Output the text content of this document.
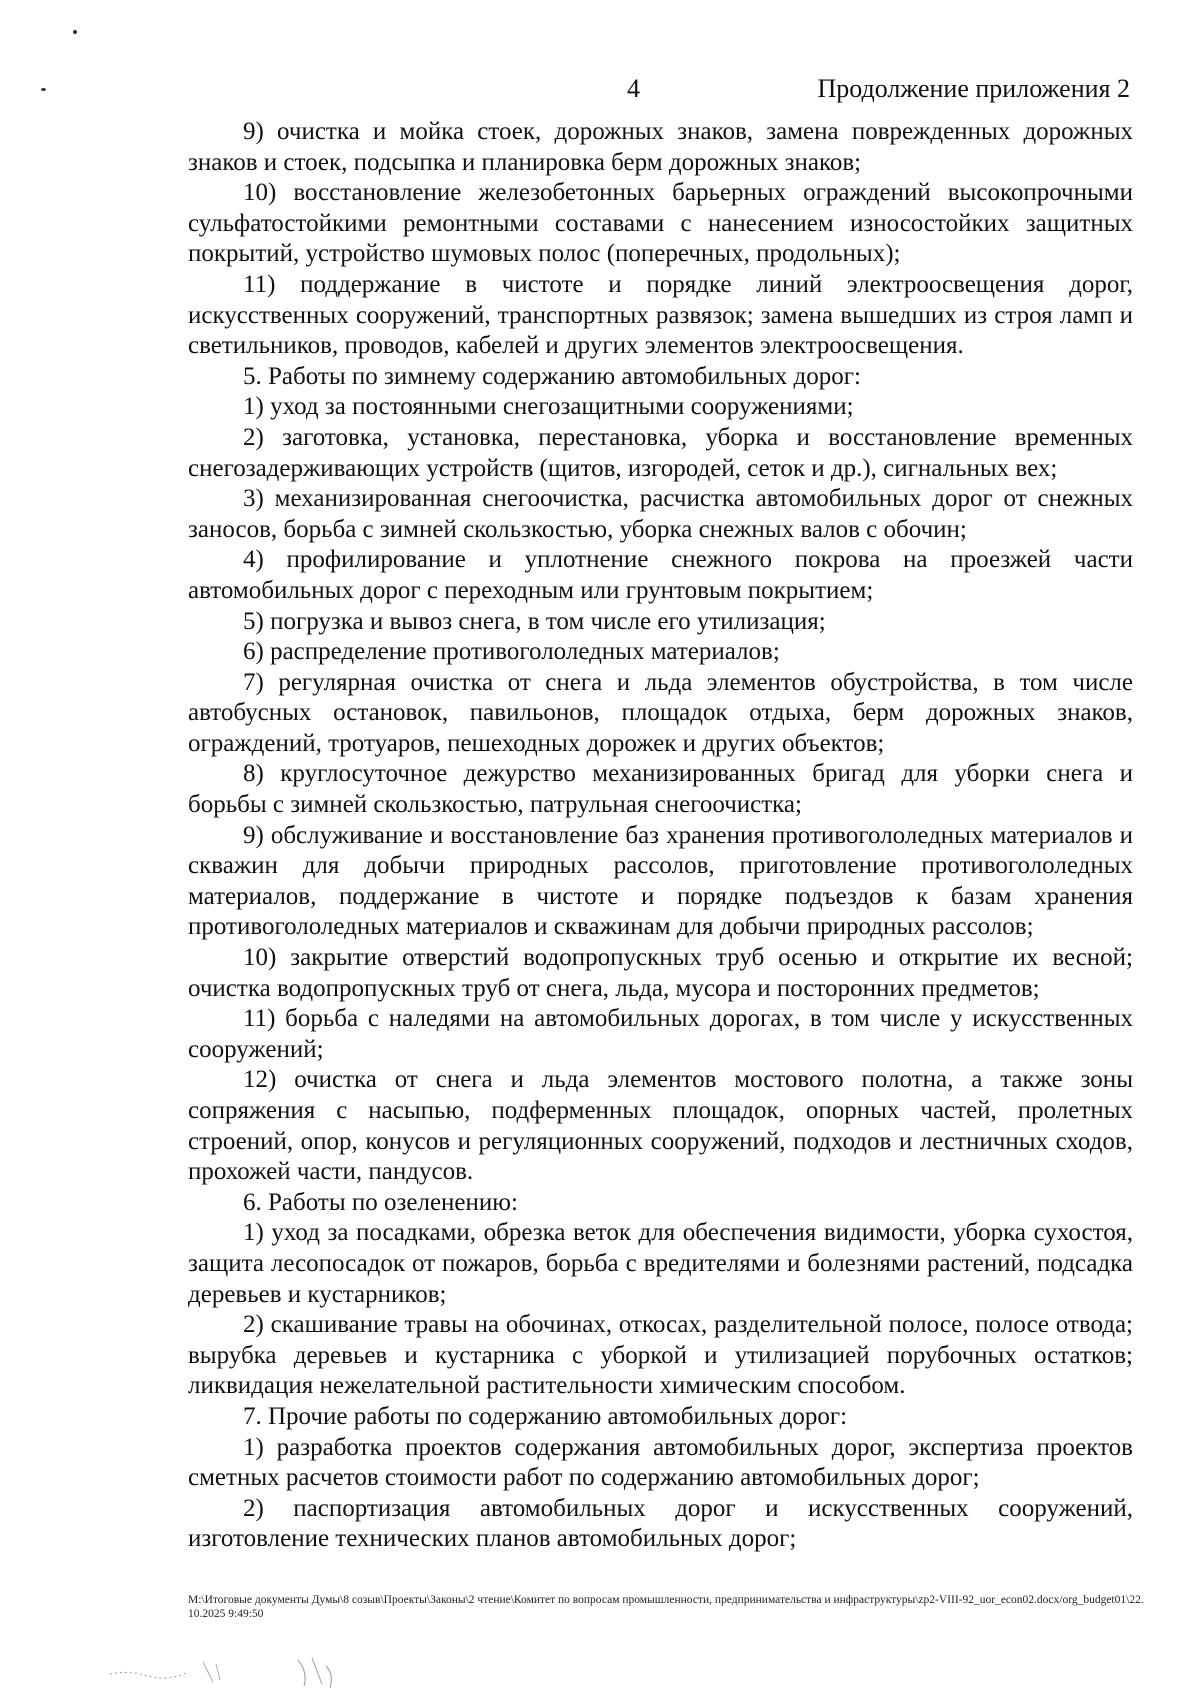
4	Продолжение приложения 2

9) очистка и мойка стоек, дорожных знаков, замена поврежденных дорожных знаков и стоек, подсыпка и планировка берм дорожных знаков;

10) восстановление железобетонных барьерных ограждений высокопрочными сульфатостойкими ремонтными составами с нанесением износостойких защитных покрытий, устройство шумовых полос (поперечных, продольных);

11) поддержание в чистоте и порядке линий электроосвещения дорог, искусственных сооружений, транспортных развязок; замена вышедших из строя ламп и светильников, проводов, кабелей и других элементов электроосвещения.

5. Работы по зимнему содержанию автомобильных дорог:

1) уход за постоянными снегозащитными сооружениями;

2) заготовка, установка, перестановка, уборка и восстановление временных снегозадерживающих устройств (щитов, изгородей, сеток и др.), сигнальных вех;

3) механизированная снегоочистка, расчистка автомобильных дорог от снежных заносов, борьба с зимней скользкостью, уборка снежных валов с обочин;

4) профилирование и уплотнение снежного покрова на проезжей части автомобильных дорог с переходным или грунтовым покрытием;

5) погрузка и вывоз снега, в том числе его утилизация;

6) распределение противогололедных материалов;

7) регулярная очистка от снега и льда элементов обустройства, в том числе автобусных остановок, павильонов, площадок отдыха, берм дорожных знаков, ограждений, тротуаров, пешеходных дорожек и других объектов;

8) круглосуточное дежурство механизированных бригад для уборки снега и борьбы с зимней скользкостью, патрульная снегоочистка;

9) обслуживание и восстановление баз хранения противогололедных материалов и скважин для добычи природных рассолов, приготовление противогололедных материалов, поддержание в чистоте и порядке подъездов к базам хранения противогололедных материалов и скважинам для добычи природных рассолов;

10) закрытие отверстий водопропускных труб осенью и открытие их весной; очистка водопропускных труб от снега, льда, мусора и посторонних предметов;

11) борьба с наледями на автомобильных дорогах, в том числе у искусственных сооружений;

12) очистка от снега и льда элементов мостового полотна, а также зоны сопряжения с насыпью, подферменных площадок, опорных частей, пролетных строений, опор, конусов и регуляционных сооружений, подходов и лестничных сходов, прохожей части, пандусов.

6. Работы по озеленению:

1) уход за посадками, обрезка веток для обеспечения видимости, уборка сухостоя, защита лесопосадок от пожаров, борьба с вредителями и болезнями растений, подсадка деревьев и кустарников;

2) скашивание травы на обочинах, откосах, разделительной полосе, полосе отвода; вырубка деревьев и кустарника с уборкой и утилизацией порубочных остатков; ликвидация нежелательной растительности химическим способом.

7. Прочие работы по содержанию автомобильных дорог:

1) разработка проектов содержания автомобильных дорог, экспертиза проектов сметных расчетов стоимости работ по содержанию автомобильных дорог;

2) паспортизация автомобильных дорог и искусственных сооружений, изготовление технических планов автомобильных дорог;

M:\Итоговые документы Думы\8 созыв\Проекты\Законы\2 чтение\Комитет по вопросам промышленности, предпринимательства и инфраструктуры\zp2-VIII-92_uor_econ02.docx/org_budget01\22.10.2025 9:49:50
